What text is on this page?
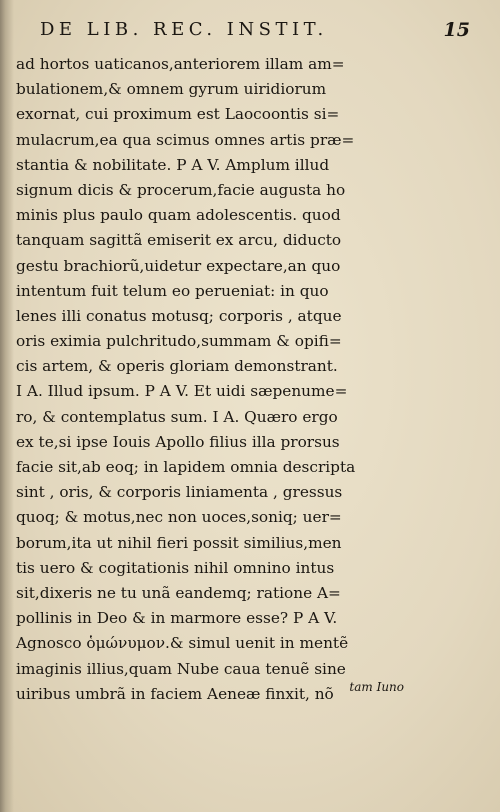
DE LIB. REC. INSTIT.	15
ad hortos uaticanos,anteriorem illam am=
bulationem,& omnem gyrum uiridiorum
exornat, cui proximum est Laocoontis si=
mulacrum,ea qua scimus omnes artis præ=
stantia & nobilitate. P A V. Amplum illud
signum dicis & procerum,facie augusta ho
minis plus paulo quam adolescentis. quod
tanquam sagittã emiserit ex arcu, diducto
gestu brachiorũ,uidetur expectare,an quo
intentum fuit telum eo perueniat: in quo
lenes illi conatus motusq; corporis , atque
oris eximia pulchritudo,summam & opifi=
cis artem, & operis gloriam demonstrant.
I A. Illud ipsum. P A V. Et uidi sæpenume=
ro, & contemplatus sum. I A. Quæro ergo
ex te,si ipse Iouis Apollo filius illa prorsus
facie sit,ab eoq; in lapidem omnia descripta
sint , oris, & corporis liniamenta , gressus
quoq; & motus,nec non uoces,soniq; uer=
borum,ita ut nihil fieri possit similius,men
tis uero & cogitationis nihil omnino intus
sit,dixeris ne tu unã eandemq; ratione A=
pollinis in Deo & in marmore esse? P A V.
Agnosco ὁμώνυμον.& simul uenit in mentẽ
imaginis illius,quam Nube caua tenuẽ sine
uiribus umbrã in faciem Aeneæ finxit, nõ	tam Iuno
